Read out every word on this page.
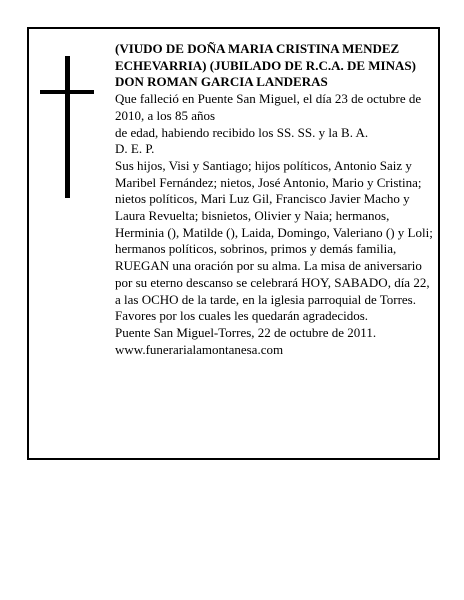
(VIUDO DE DOÑA MARIA CRISTINA MENDEZ ECHEVARRIA) (JUBILADO DE R.C.A. DE MINAS)

DON ROMAN GARCIA LANDERAS

Que falleció en Puente San Miguel, el día 23 de octubre de 2010, a los 85 años

de edad, habiendo recibido los SS. SS. y la B. A.

D. E. P.

Sus hijos, Visi y Santiago; hijos políticos, Antonio Saiz y Maribel Fernández; nietos, José Antonio, Mario y Cristina; nietos políticos, Mari Luz Gil, Francisco Javier Macho y Laura Revuelta; bisnietos, Olivier y Naia; hermanos, Herminia (), Matilde (), Laida, Domingo, Valeriano () y Loli; hermanos políticos, sobrinos, primos y demás familia,

RUEGAN una oración por su alma. La misa de aniversario por su eterno descanso se celebrará HOY, SABADO, día 22, a las OCHO de la tarde, en la iglesia parroquial de Torres. Favores por los cuales les quedarán agradecidos.

Puente San Miguel-Torres, 22 de octubre de 2011.

www.funerarialamontanesa.com
